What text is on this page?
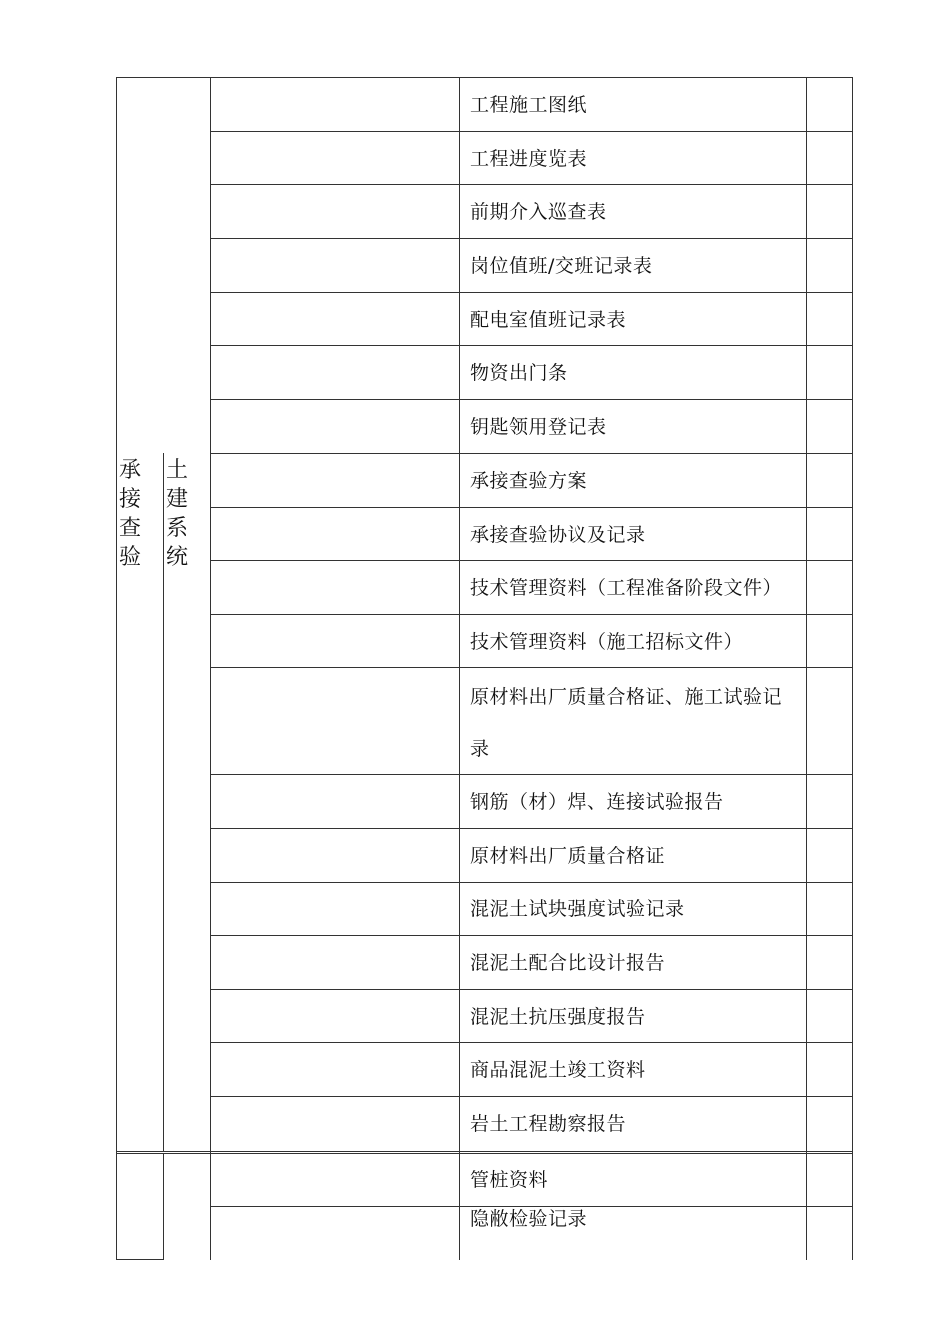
承接查验
土建系统
工程施工图纸
工程进度览表
前期介入巡查表
岗位值班/交班记录表
配电室值班记录表
物资出门条
钥匙领用登记表
承接查验方案
承接查验协议及记录
技术管理资料（工程准备阶段文件）
技术管理资料（施工招标文件）
原材料出厂质量合格证、施工试验记录
钢筋（材）焊、连接试验报告
原材料出厂质量合格证
混泥土试块强度试验记录
混泥土配合比设计报告
混泥土抗压强度报告
商品混泥土竣工资料
岩土工程勘察报告
管桩资料
隐敝检验记录
